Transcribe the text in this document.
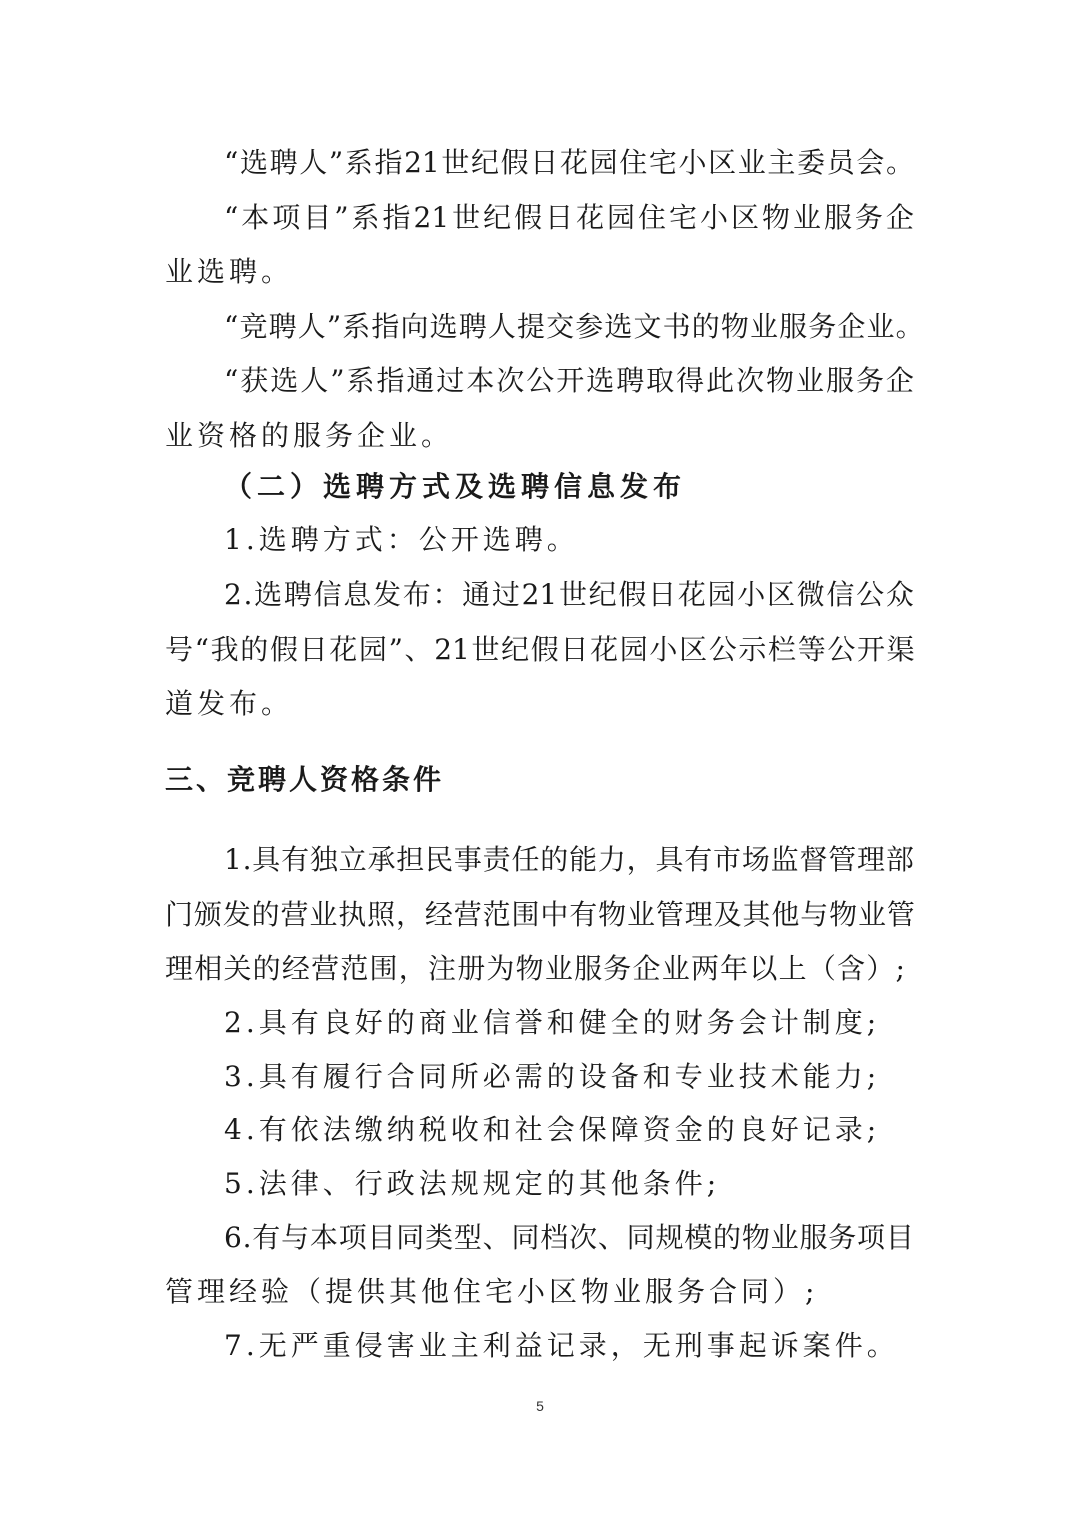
“ 选 聘 人 ” 系 指 21 世 纪 假 日 花 园 住 宅 小 区 业 主 委 员 会 。
“ 本 项 目 ” 系 指 21 世 纪 假 日 花 园 住 宅 小 区 物 业 服 务 企
业选聘。
“ 竞 聘 人 ” 系 指 向 选 聘 人 提 交 参 选 文 书 的 物 业 服 务 企 业 。
“ 获 选 人 ” 系 指 通 过 本 次 公 开 选 聘 取 得 此 次 物 业 服 务 企
业资格的服务企业。
（二）选聘方式及选聘信息发布
1.选聘方式：公开选聘。
2 . 选 聘 信 息 发 布 ： 通 过 21 世 纪 假 日 花 园 小 区 微 信 公 众
号 “ 我 的 假 日 花 园 ” 、 21 世 纪 假 日 花 园 小 区 公 示 栏 等 公 开 渠
道发布。
三、竞聘人资格条件
1 . 具 有 独 立 承 担 民 事 责 任 的 能 力 ， 具 有 市 场 监 督 管 理 部
门 颁 发 的 营 业 执 照 ， 经 营 范 围 中 有 物 业 管 理 及 其 他 与 物 业 管
理 相 关 的 经 营 范 围 ， 注 册 为 物 业 服 务 企 业 两 年 以 上 （ 含 ） ;
2.具有良好的商业信誉和健全的财务会计制度;
3.具有履行合同所必需的设备和专业技术能力;
4.有依法缴纳税收和社会保障资金的良好记录;
5.法律、行政法规规定的其他条件;
6 . 有 与 本 项 目 同 类 型 、 同 档 次 、 同 规 模 的 物 业 服 务 项 目
管理经验（提供其他住宅小区物业服务合同）;
7.无严重侵害业主利益记录，无刑事起诉案件。
5
